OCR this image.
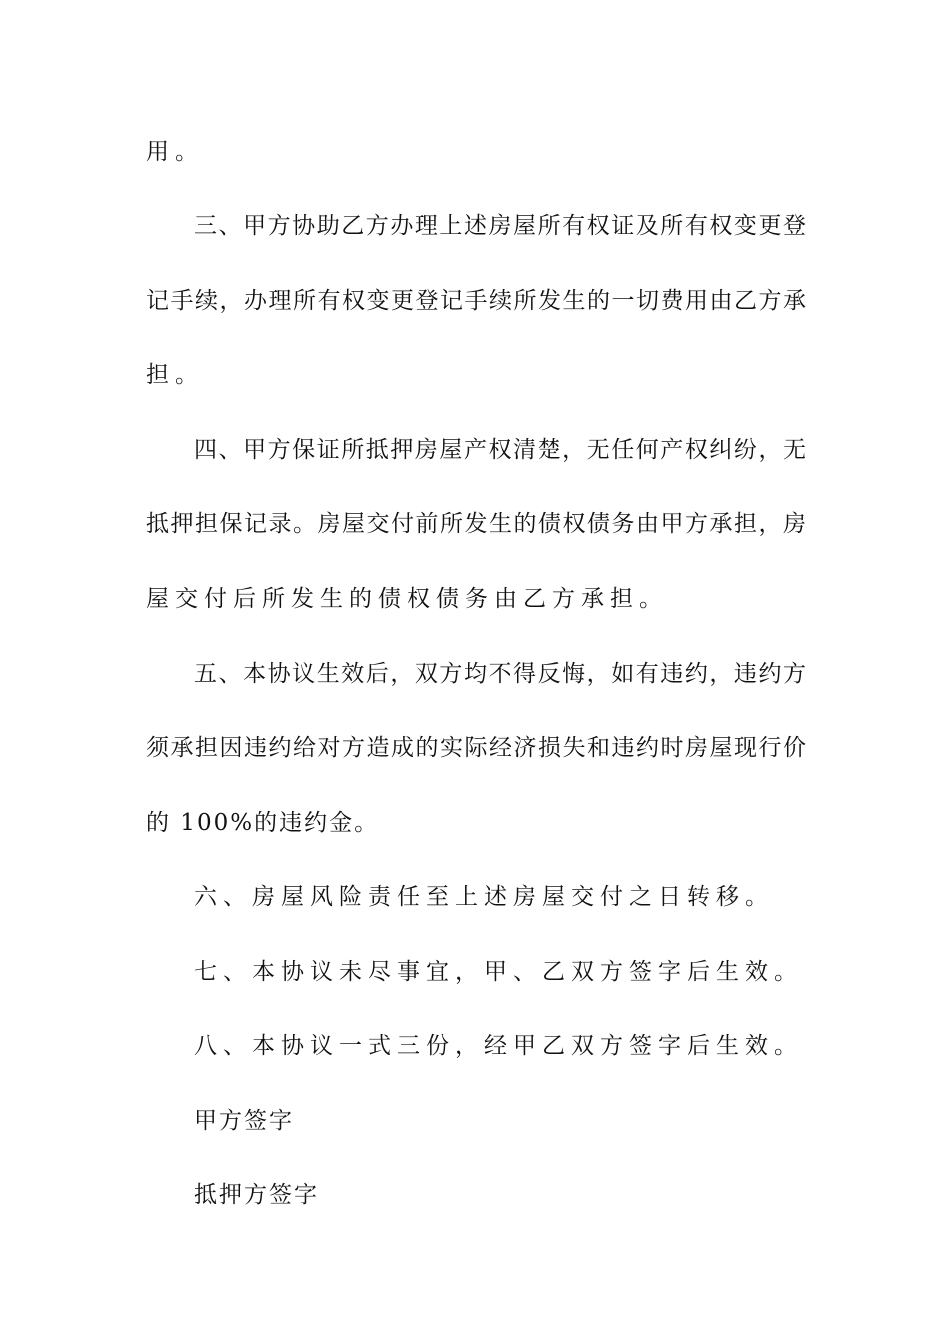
用。
三、甲方协助乙方办理上述房屋所有权证及所有权变更登
记手续，办理所有权变更登记手续所发生的一切费用由乙方承
担。
四、甲方保证所抵押房屋产权清楚，无任何产权纠纷，无
抵押担保记录。房屋交付前所发生的债权债务由甲方承担，房
屋交付后所发生的债权债务由乙方承担。
五、本协议生效后，双方均不得反悔，如有违约，违约方
须承担因违约给对方造成的实际经济损失和违约时房屋现行价
的 100%的违约金。
六、房屋风险责任至上述房屋交付之日转移。
七、本协议未尽事宜，甲、乙双方签字后生效。
八、本协议一式三份，经甲乙双方签字后生效。
甲方签字
抵押方签字
